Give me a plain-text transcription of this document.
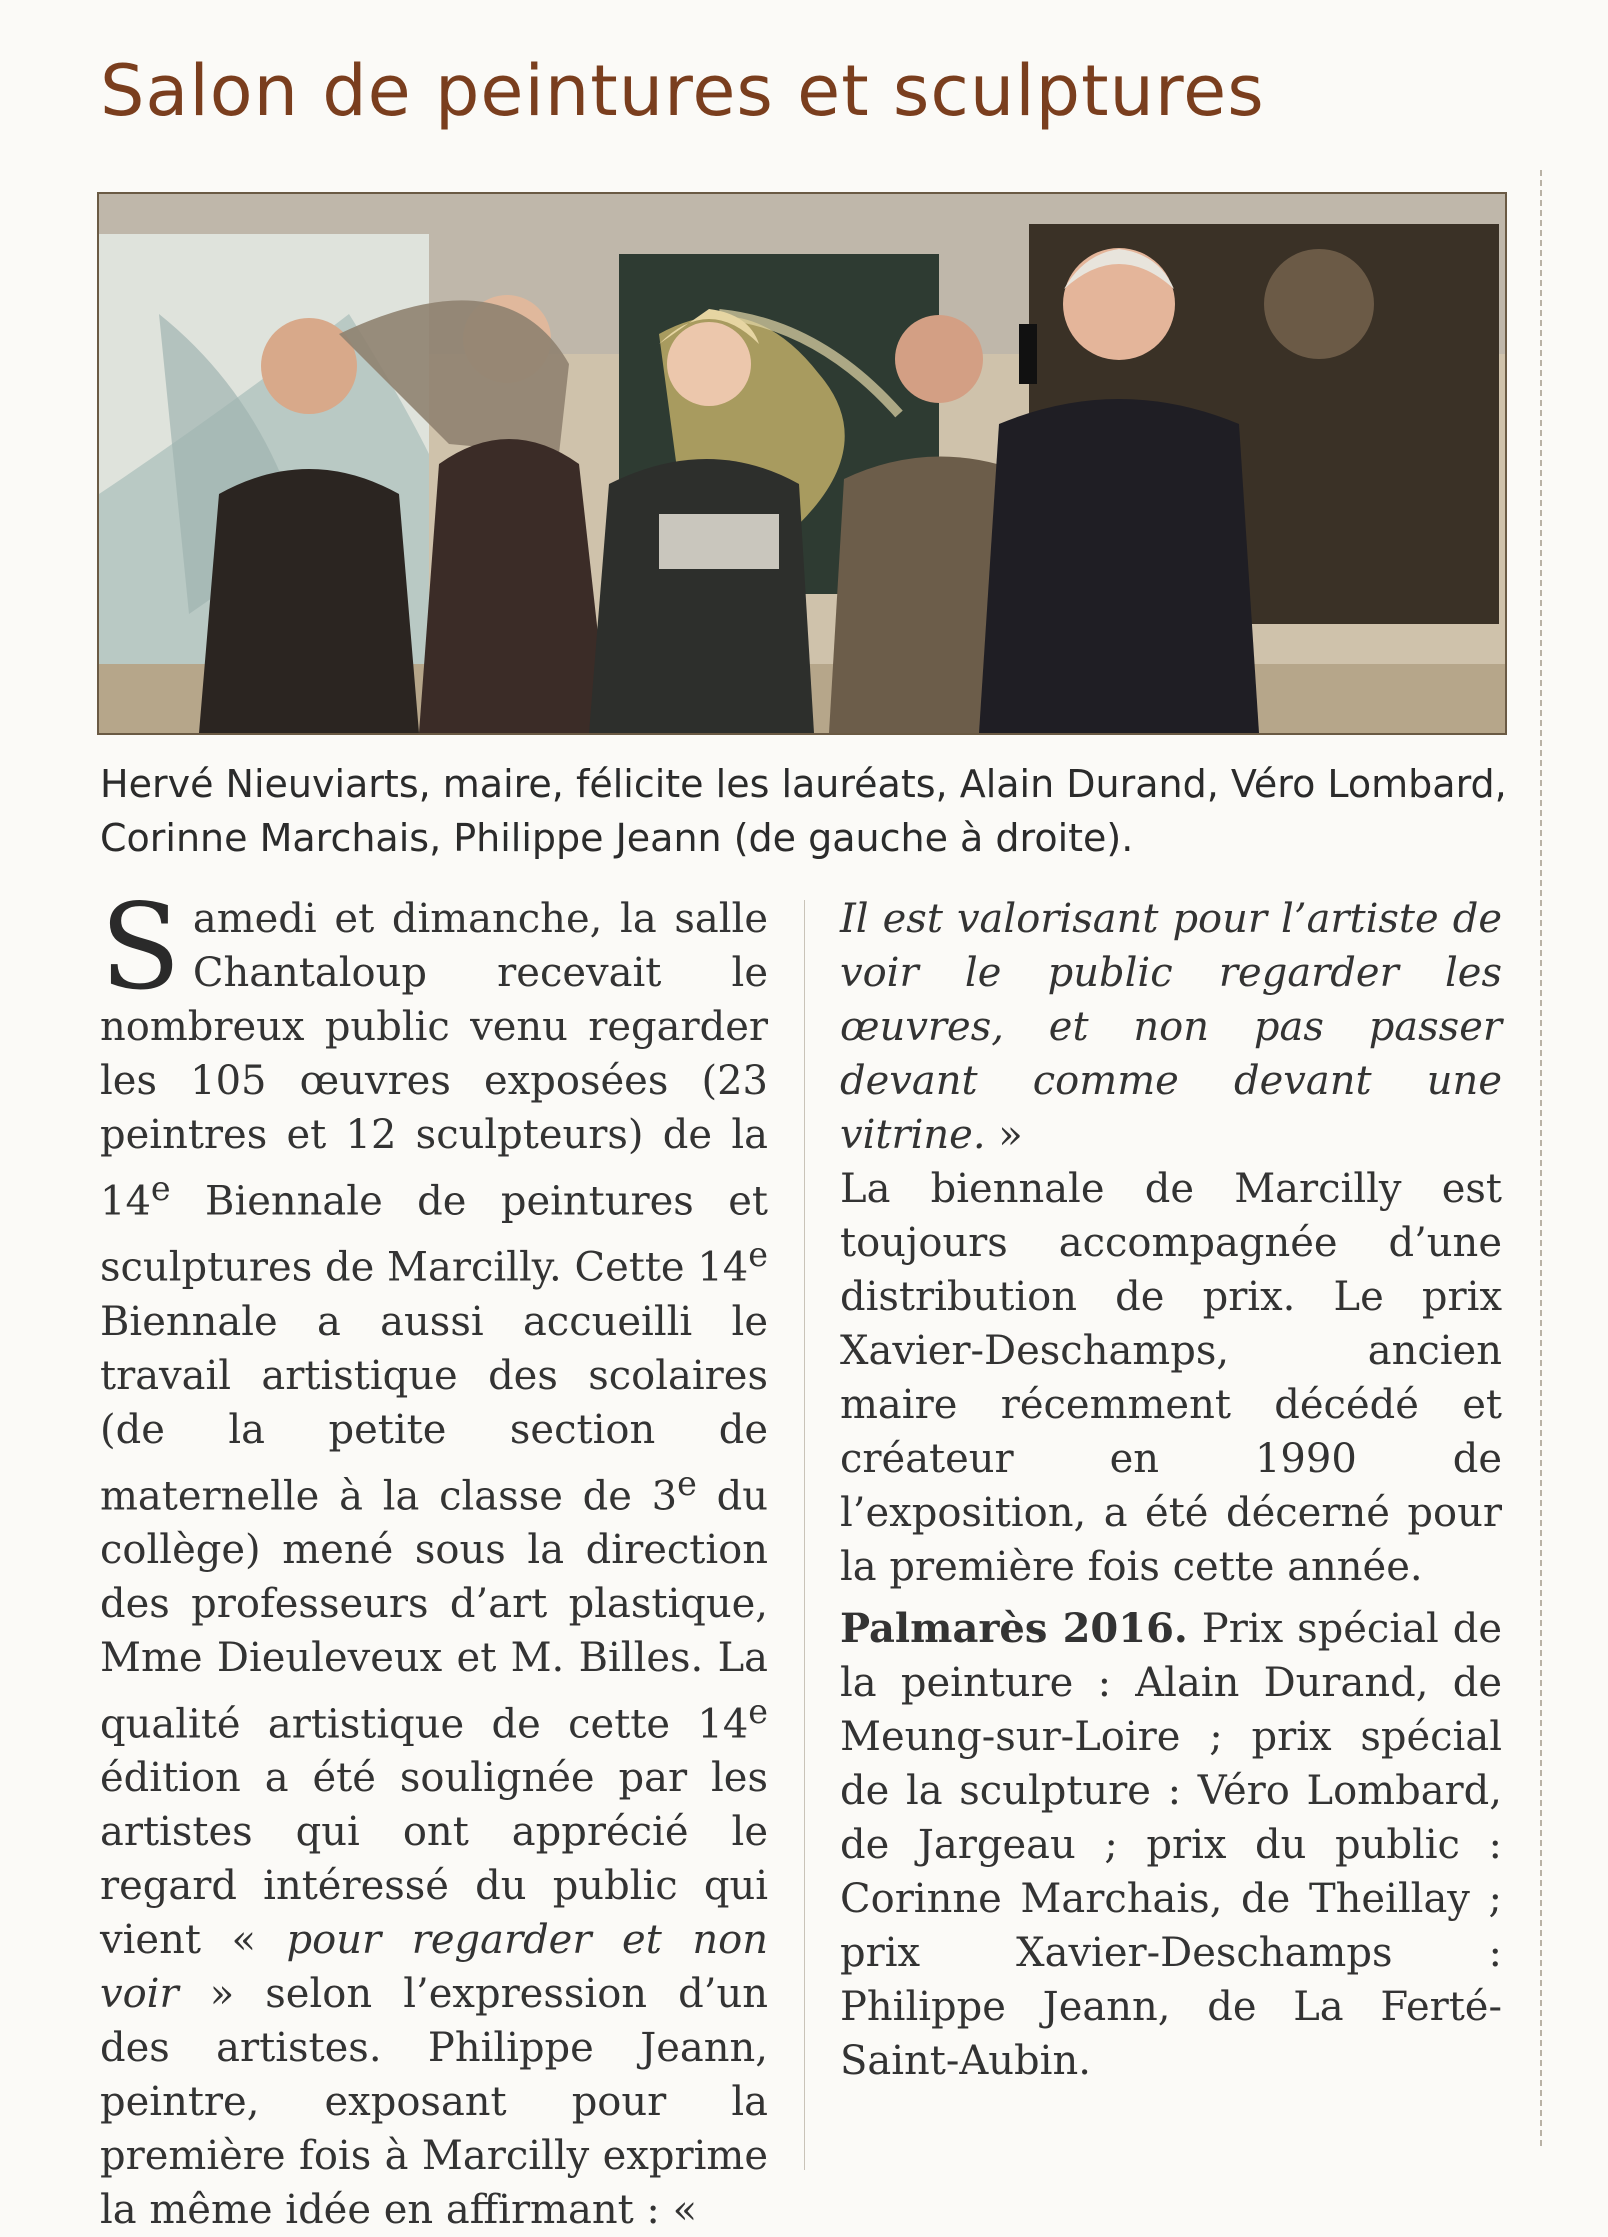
Salon de peintures et sculptures

Hervé Nieuviarts, maire, félicite les lauréats, Alain Durand, Véro Lombard, Corinne Marchais, Philippe Jeann (de gauche à droite).

Samedi et dimanche, la salle Chantaloup recevait le nombreux public venu regarder les 105 œuvres exposées (23 peintres et 12 sculpteurs) de la 14e Biennale de peintures et sculptures de Marcilly. Cette 14e Biennale a aussi accueilli le travail artistique des scolaires (de la petite section de maternelle à la classe de 3e du collège) mené sous la direction des professeurs d’art plastique, Mme Dieuleveux et M. Billes. La qualité artistique de cette 14e édition a été soulignée par les artistes qui ont apprécié le regard intéressé du public qui vient « pour regarder et non voir » selon l’expression d’un des artistes. Philippe Jeann, peintre, exposant pour la première fois à Marcilly exprime la même idée en affirmant : «

Il est valorisant pour l’artiste de voir le public regarder les œuvres, et non pas passer devant comme devant une vitrine. »

La biennale de Marcilly est toujours accompagnée d’une distribution de prix. Le prix Xavier-Deschamps, ancien maire récemment décédé et créateur en 1990 de l’exposition, a été décerné pour la première fois cette année.

Palmarès 2016. Prix spécial de la peinture : Alain Durand, de Meung-sur-Loire ; prix spécial de la sculpture : Véro Lombard, de Jargeau ; prix du public : Corinne Marchais, de Theillay ; prix Xavier-Deschamps : Philippe Jeann, de La Ferté-Saint-Aubin.
